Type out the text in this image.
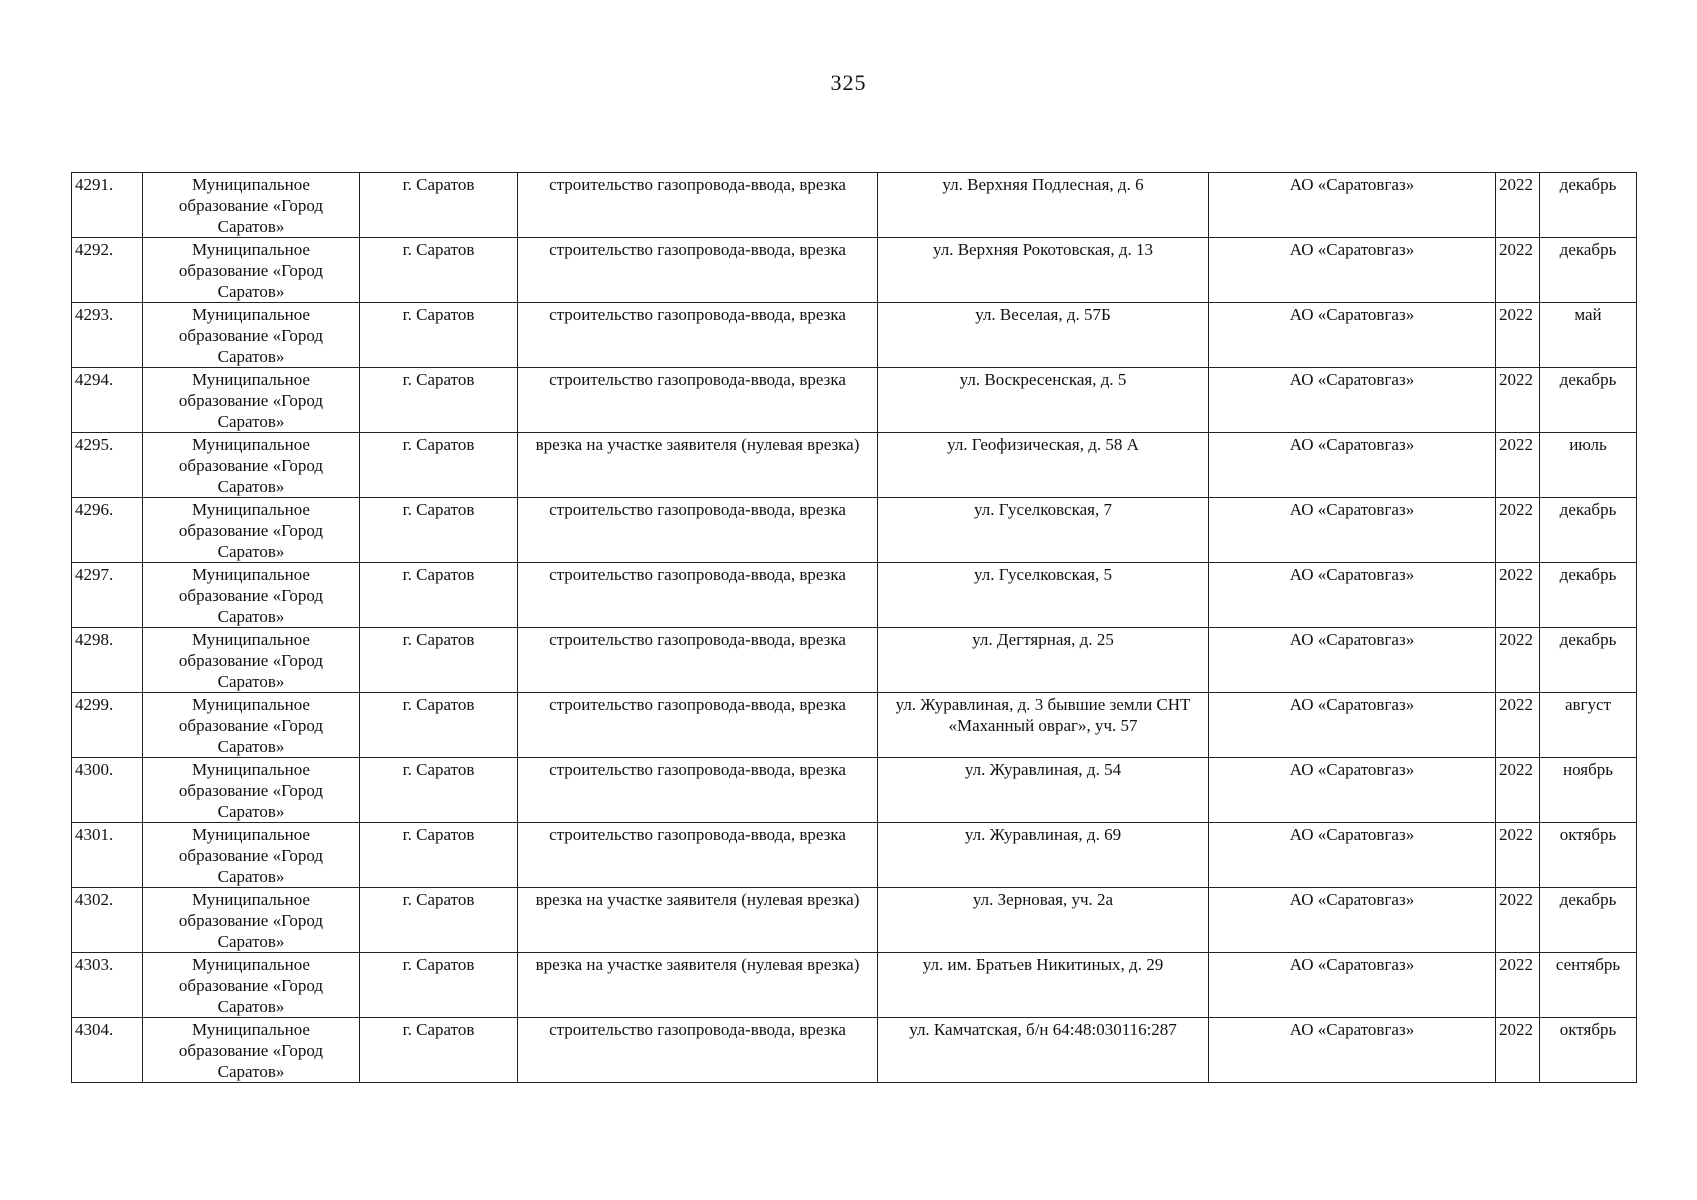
325
4291.	Муниципальное образование «Город Саратов»	г. Саратов	строительство газопровода-ввода, врезка	ул. Верхняя Подлесная, д. 6	АО «Саратовгаз»	2022	декабрь
4292.	Муниципальное образование «Город Саратов»	г. Саратов	строительство газопровода-ввода, врезка	ул. Верхняя Рокотовская, д. 13	АО «Саратовгаз»	2022	декабрь
4293.	Муниципальное образование «Город Саратов»	г. Саратов	строительство газопровода-ввода, врезка	ул. Веселая, д. 57Б	АО «Саратовгаз»	2022	май
4294.	Муниципальное образование «Город Саратов»	г. Саратов	строительство газопровода-ввода, врезка	ул. Воскресенская, д. 5	АО «Саратовгаз»	2022	декабрь
4295.	Муниципальное образование «Город Саратов»	г. Саратов	врезка на участке заявителя (нулевая врезка)	ул. Геофизическая, д. 58 А	АО «Саратовгаз»	2022	июль
4296.	Муниципальное образование «Город Саратов»	г. Саратов	строительство газопровода-ввода, врезка	ул. Гуселковская, 7	АО «Саратовгаз»	2022	декабрь
4297.	Муниципальное образование «Город Саратов»	г. Саратов	строительство газопровода-ввода, врезка	ул. Гуселковская, 5	АО «Саратовгаз»	2022	декабрь
4298.	Муниципальное образование «Город Саратов»	г. Саратов	строительство газопровода-ввода, врезка	ул. Дегтярная, д. 25	АО «Саратовгаз»	2022	декабрь
4299.	Муниципальное образование «Город Саратов»	г. Саратов	строительство газопровода-ввода, врезка	ул. Журавлиная, д. 3 бывшие земли СНТ «Маханный овраг», уч. 57	АО «Саратовгаз»	2022	август
4300.	Муниципальное образование «Город Саратов»	г. Саратов	строительство газопровода-ввода, врезка	ул. Журавлиная, д. 54	АО «Саратовгаз»	2022	ноябрь
4301.	Муниципальное образование «Город Саратов»	г. Саратов	строительство газопровода-ввода, врезка	ул. Журавлиная, д. 69	АО «Саратовгаз»	2022	октябрь
4302.	Муниципальное образование «Город Саратов»	г. Саратов	врезка на участке заявителя (нулевая врезка)	ул. Зерновая, уч. 2а	АО «Саратовгаз»	2022	декабрь
4303.	Муниципальное образование «Город Саратов»	г. Саратов	врезка на участке заявителя (нулевая врезка)	ул. им. Братьев Никитиных, д. 29	АО «Саратовгаз»	2022	сентябрь
4304.	Муниципальное образование «Город Саратов»	г. Саратов	строительство газопровода-ввода, врезка	ул. Камчатская, б/н 64:48:030116:287	АО «Саратовгаз»	2022	октябрь
